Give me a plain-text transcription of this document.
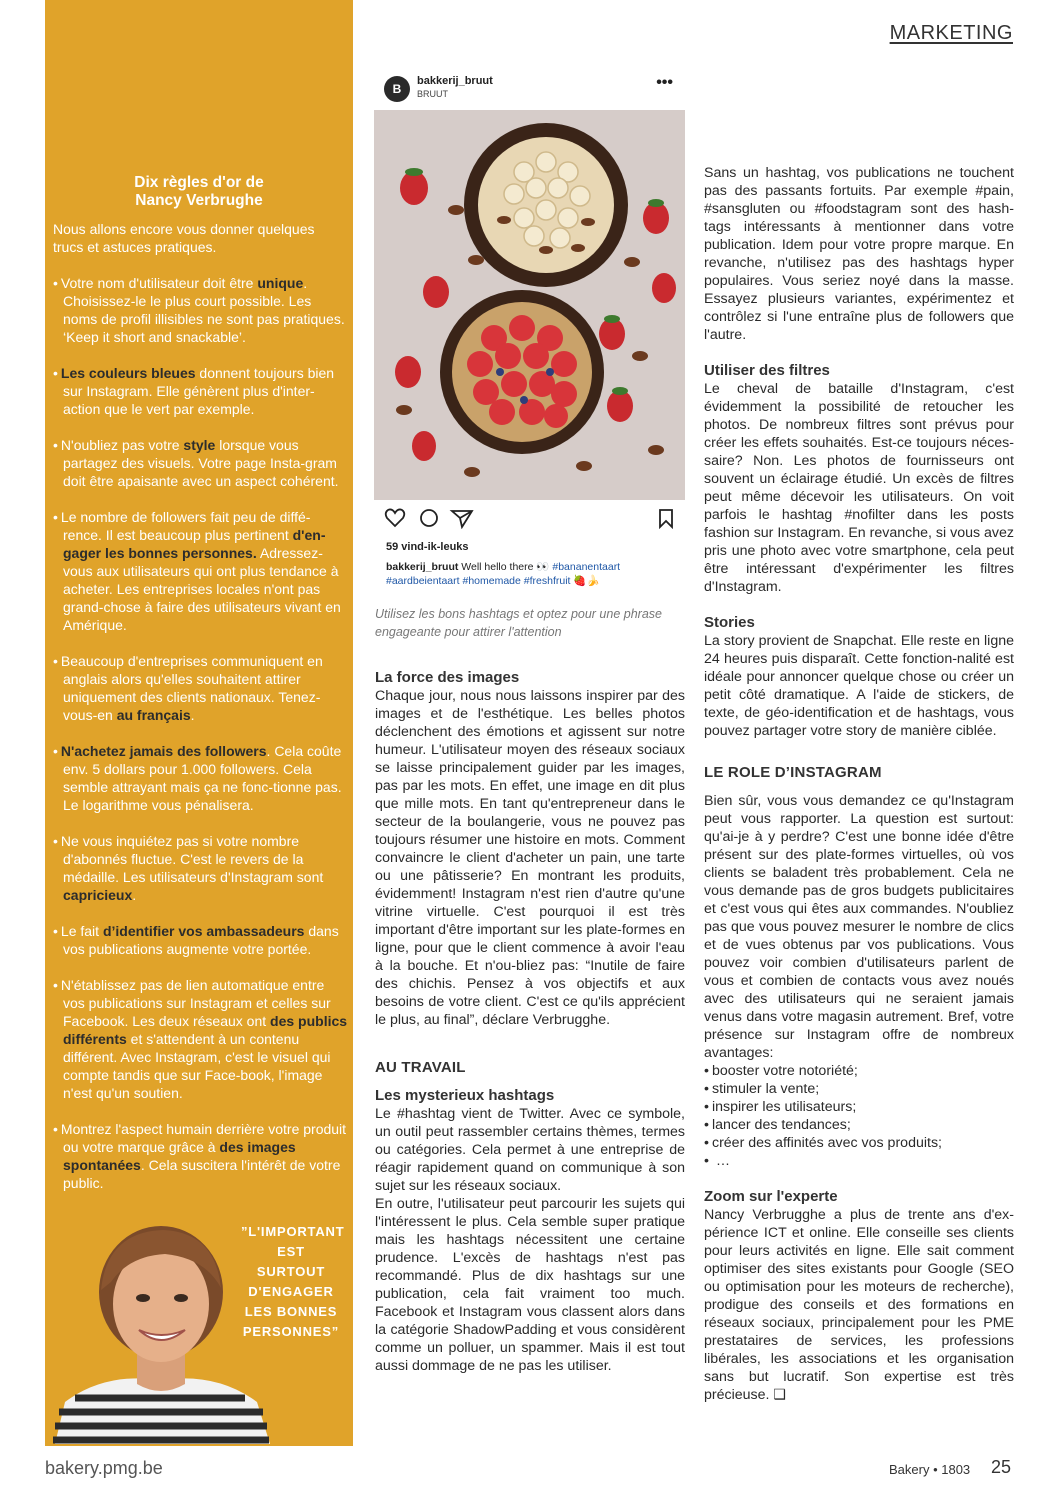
MARKETING
Dix règles d'or de
Nancy Verbrughe
Nous allons encore vous donner quelques trucs et astuces pratiques.
• Votre nom d'utilisateur doit être unique. Choisissez-le le plus court possible. Les noms de profil illisibles ne sont pas pratiques. ‘Keep it short and snackable’.
• Les couleurs bleues donnent toujours bien sur Instagram. Elle génèrent plus d'inter-action que le vert par exemple.
• N'oubliez pas votre style lorsque vous partagez des visuels. Votre page Insta-gram doit être apaisante avec un aspect cohérent.
• Le nombre de followers fait peu de diffé-rence. Il est beaucoup plus pertinent d'en-gager les bonnes personnes. Adressez-vous aux utilisateurs qui ont plus tendance à acheter. Les entreprises locales n'ont pas grand-chose à faire des utilisateurs vivant en Amérique.
• Beaucoup d'entreprises communiquent en anglais alors qu'elles souhaitent attirer uniquement des clients nationaux. Tenez-vous-en au français.
• N'achetez jamais des followers. Cela coûte env. 5 dollars pour 1.000 followers. Cela semble attrayant mais ça ne fonc-tionne pas. Le logarithme vous pénalisera.
• Ne vous inquiétez pas si votre nombre d'abonnés fluctue. C'est le revers de la médaille. Les utilisateurs d'Instagram sont capricieux.
• Le fait d’identifier vos ambassadeurs dans vos publications augmente votre portée.
• N'établissez pas de lien automatique entre vos publications sur Instagram et celles sur Facebook. Les deux réseaux ont des publics différents et s'attendent à un contenu différent. Avec Instagram, c'est le visuel qui compte tandis que sur Face-book, l'image n'est qu'un soutien.
• Montrez l'aspect humain derrière votre produit ou votre marque grâce à des images spontanées. Cela suscitera l'intérêt de votre public.
”L'IMPORTANT
EST SURTOUT
D'ENGAGER
LES BONNES
PERSONNES”
B
bakkerij_bruut
BRUUT
•••
59 vind-ik-leuks
bakkerij_bruut Well hello there 👀 #bananentaart
#aardbeientaart #homemade #freshfruit 🍓🍌
Utilisez les bons hashtags et optez pour une phrase engageante pour attirer l'attention
La force des images

Chaque jour, nous nous laissons inspirer par des images et de l'esthétique. Les belles photos déclenchent des émotions et agissent sur notre humeur. L'utilisateur moyen des réseaux sociaux se laisse principalement guider par les images, pas par les mots. En effet, une image en dit plus que mille mots. En tant qu'entrepreneur dans le secteur de la boulangerie, vous ne pouvez pas toujours résumer une histoire en mots. Comment convaincre le client d'acheter un pain, une tarte ou une pâtisserie? En montrant les produits, évidemment! Instagram n'est rien d'autre qu'une vitrine virtuelle. C'est pourquoi il est très important d'être important sur les plate-formes en ligne, pour que le client commence à avoir l'eau à la bouche. Et n'ou-bliez pas: “Inutile de faire des chichis. Pensez à vos objectifs et aux besoins de votre client. C'est ce qu'ils apprécient le plus, au final”, déclare Verbrugghe.

AU TRAVAIL
Les mysterieux hashtags

Le #hashtag vient de Twitter. Avec ce symbole, un outil peut rassembler certains thèmes, termes ou catégories. Cela permet à une entreprise de réagir rapidement quand on communique à son sujet sur les réseaux sociaux.

En outre, l'utilisateur peut parcourir les sujets qui l'intéressent le plus. Cela semble super pratique mais les hashtags nécessitent une certaine prudence. L'excès de hashtags n'est pas recommandé. Plus de dix hashtags sur une publication, cela fait vraiment too much. Facebook et Instagram vous classent alors dans la catégorie ShadowPadding et vous considèrent comme un polluer, un spammer. Mais il est tout aussi dommage de ne pas les utiliser.

Sans un hashtag, vos publications ne touchent pas des passants fortuits. Par exemple #pain, #sansgluten ou #foodstagram sont des hash-tags intéressants à mentionner dans votre publication. Idem pour votre propre marque. En revanche, n'utilisez pas des hashtags hyper populaires. Vous seriez noyé dans la masse. Essayez plusieurs variantes, expérimentez et contrôlez si l'une entraîne plus de followers que l'autre.

Utiliser des filtres

Le cheval de bataille d'Instagram, c'est évidemment la possibilité de retoucher les photos. De nombreux filtres sont prévus pour créer les effets souhaités. Est-ce toujours néces-saire? Non. Les photos de fournisseurs ont souvent un éclairage étudié. Un excès de filtres peut même décevoir les utilisateurs. On voit parfois le hashtag #nofilter dans les posts fashion sur Instagram. En revanche, si vous avez pris une photo avec votre smartphone, cela peut être intéressant d'expérimenter les filtres d'Instagram.

Stories

La story provient de Snapchat. Elle reste en ligne 24 heures puis disparaît. Cette fonction-nalité est idéale pour annoncer quelque chose ou créer un petit côté dramatique. A l'aide de stickers, de texte, de géo-identification et de hashtags, vous pouvez partager votre story de manière ciblée.

LE ROLE D’INSTAGRAM

Bien sûr, vous vous demandez ce qu'Instagram peut vous rapporter. La question est surtout: qu'ai-je à y perdre? C'est une bonne idée d'être présent sur des plate-formes virtuelles, où vos clients se baladent très probablement. Cela ne vous demande pas de gros budgets publicitaires et c'est vous qui êtes aux commandes. N'oubliez pas que vous pouvez mesurer le nombre de clics et de vues obtenus par vos publications. Vous pouvez voir combien d'utilisateurs parlent de vous et combien de contacts vous avez noués avec des utilisateurs qui ne seraient jamais venus dans votre magasin autrement. Bref, votre présence sur Instagram offre de nombreux avantages:

• booster votre notoriété;
• stimuler la vente;
• inspirer les utilisateurs;
• lancer des tendances;
• créer des affinités avec vos produits;
• …
Zoom sur l'experte

Nancy Verbrugghe a plus de trente ans d'ex-périence ICT et online. Elle conseille ses clients pour leurs activités en ligne. Elle sait comment optimiser des sites existants pour Google (SEO ou optimisation pour les moteurs de recherche), prodigue des conseils et des formations en réseaux sociaux, principalement pour les PME prestataires de services, les professions libérales, les associations et les organisation sans but lucratif. Son expertise est très précieuse. ❑

bakery.pmg.be	Bakery • 1803 25
